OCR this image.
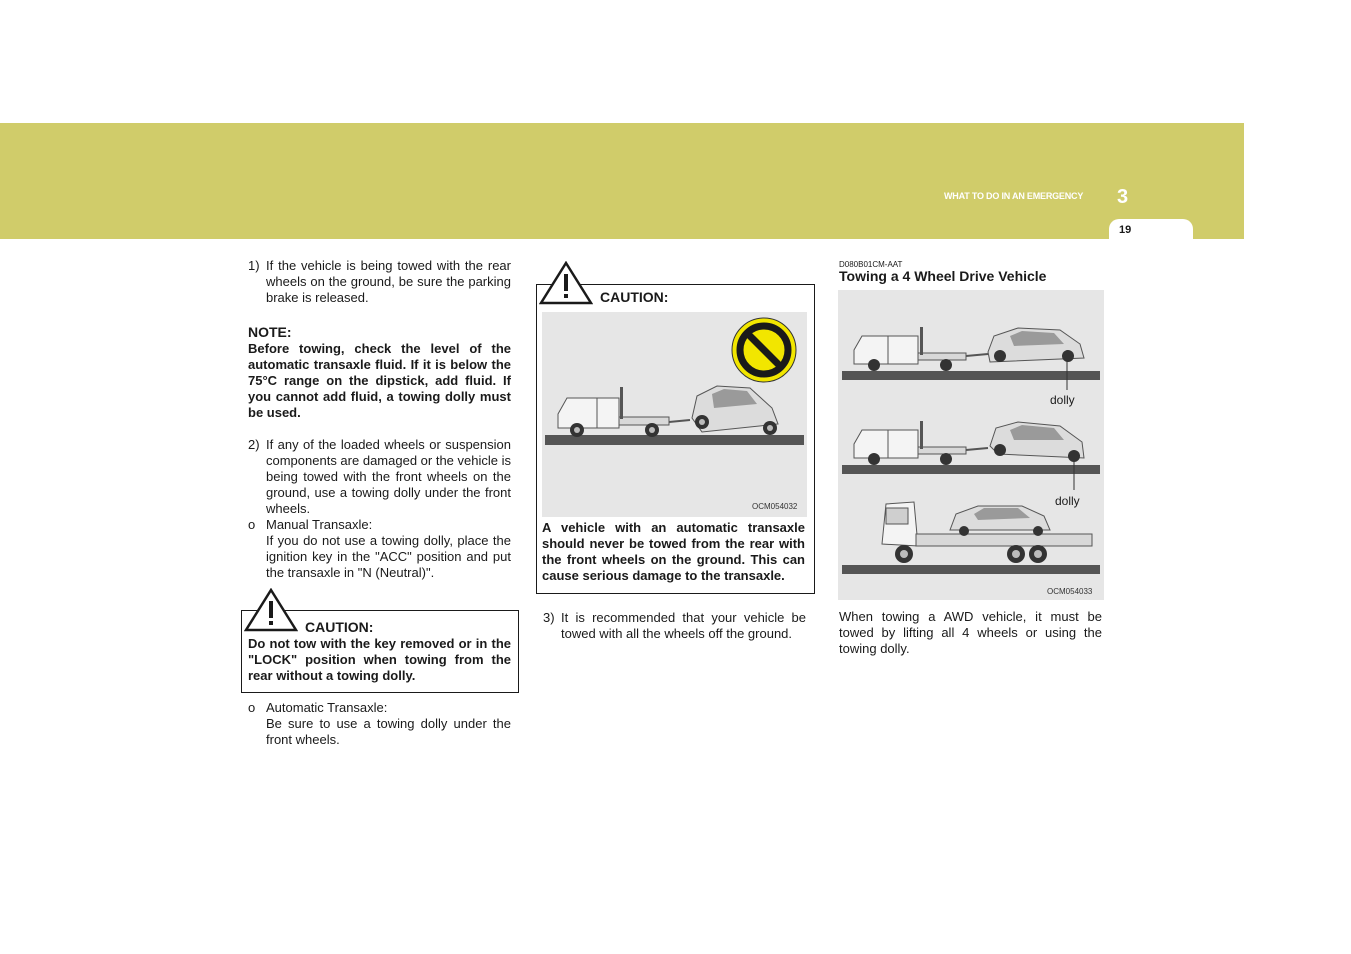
WHAT TO DO IN AN EMERGENCY 3
19
1) If the vehicle is being towed with the rear wheels on the ground, be sure the parking brake is released.
NOTE:
Before towing, check the level of the automatic transaxle fluid. If it is below the 75°C range on the dipstick, add fluid. If you cannot add fluid, a towing dolly must be used.
2) If any of the loaded wheels or suspension components are damaged or the vehicle is being towed with the front wheels on the ground, use a towing dolly under the front wheels.
o Manual Transaxle:
If you do not use a towing dolly, place the ignition key in the "ACC" position and put the transaxle in "N (Neutral)".
CAUTION:
Do not tow with the key removed or in the "LOCK" position when towing from the rear without a towing dolly.
o Automatic Transaxle:
Be sure to use a towing dolly under the front wheels.
CAUTION:
OCM054032
A vehicle with an automatic transaxle should never be towed from the rear with the front wheels on the ground. This can cause serious damage to the transaxle.
3) It is recommended that your vehicle be towed with all the wheels off the ground.
D080B01CM-AAT
Towing a 4 Wheel Drive Vehicle
dolly
dolly
OCM054033
When towing a AWD vehicle, it must be towed by lifting all 4 wheels or using the towing dolly.
